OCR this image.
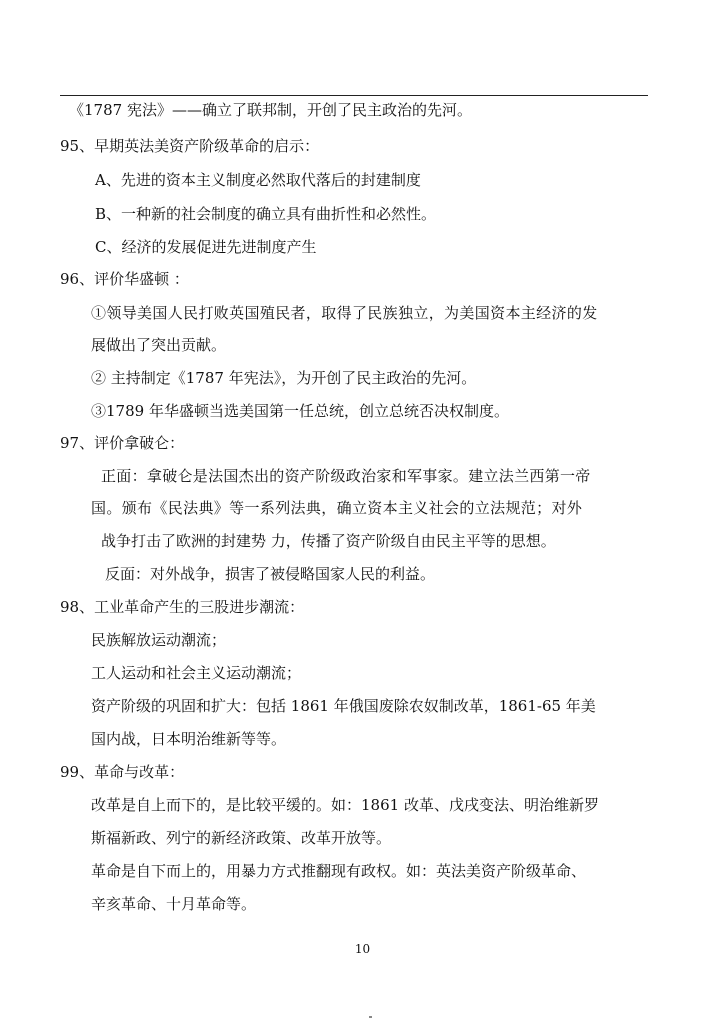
《1787 宪法》——确立了联邦制，开创了民主政治的先河。
95、早期英法美资产阶级革命的启示：
A、先进的资本主义制度必然取代落后的封建制度
B、一种新的社会制度的确立具有曲折性和必然性。
C、经济的发展促进先进制度产生
96、评价华盛顿 ：
①领导美国人民打败英国殖民者，取得了民族独立，为美国资本主经济的发
展做出了突出贡献。
② 主持制定《1787 年宪法》，为开创了民主政治的先河。
③1789 年华盛顿当选美国第一任总统，创立总统否决权制度。
97、评价拿破仑：
正面：拿破仑是法国杰出的资产阶级政治家和军事家。建立法兰西第一帝
国。颁布《民法典》等一系列法典，确立资本主义社会的立法规范；对外
战争打击了欧洲的封建势 力，传播了资产阶级自由民主平等的思想。
反面：对外战争，损害了被侵略国家人民的利益。
98、工业革命产生的三股进步潮流：
民族解放运动潮流；
工人运动和社会主义运动潮流；
资产阶级的巩固和扩大：包括 1861 年俄国废除农奴制改革，1861-65 年美
国内战，日本明治维新等等。
99、革命与改革：
改革是自上而下的，是比较平缓的。如：1861 改革、戊戌变法、明治维新罗
斯福新政、列宁的新经济政策、改革开放等。
革命是自下而上的，用暴力方式推翻现有政权。如：英法美资产阶级革命、
辛亥革命、十月革命等。
10
